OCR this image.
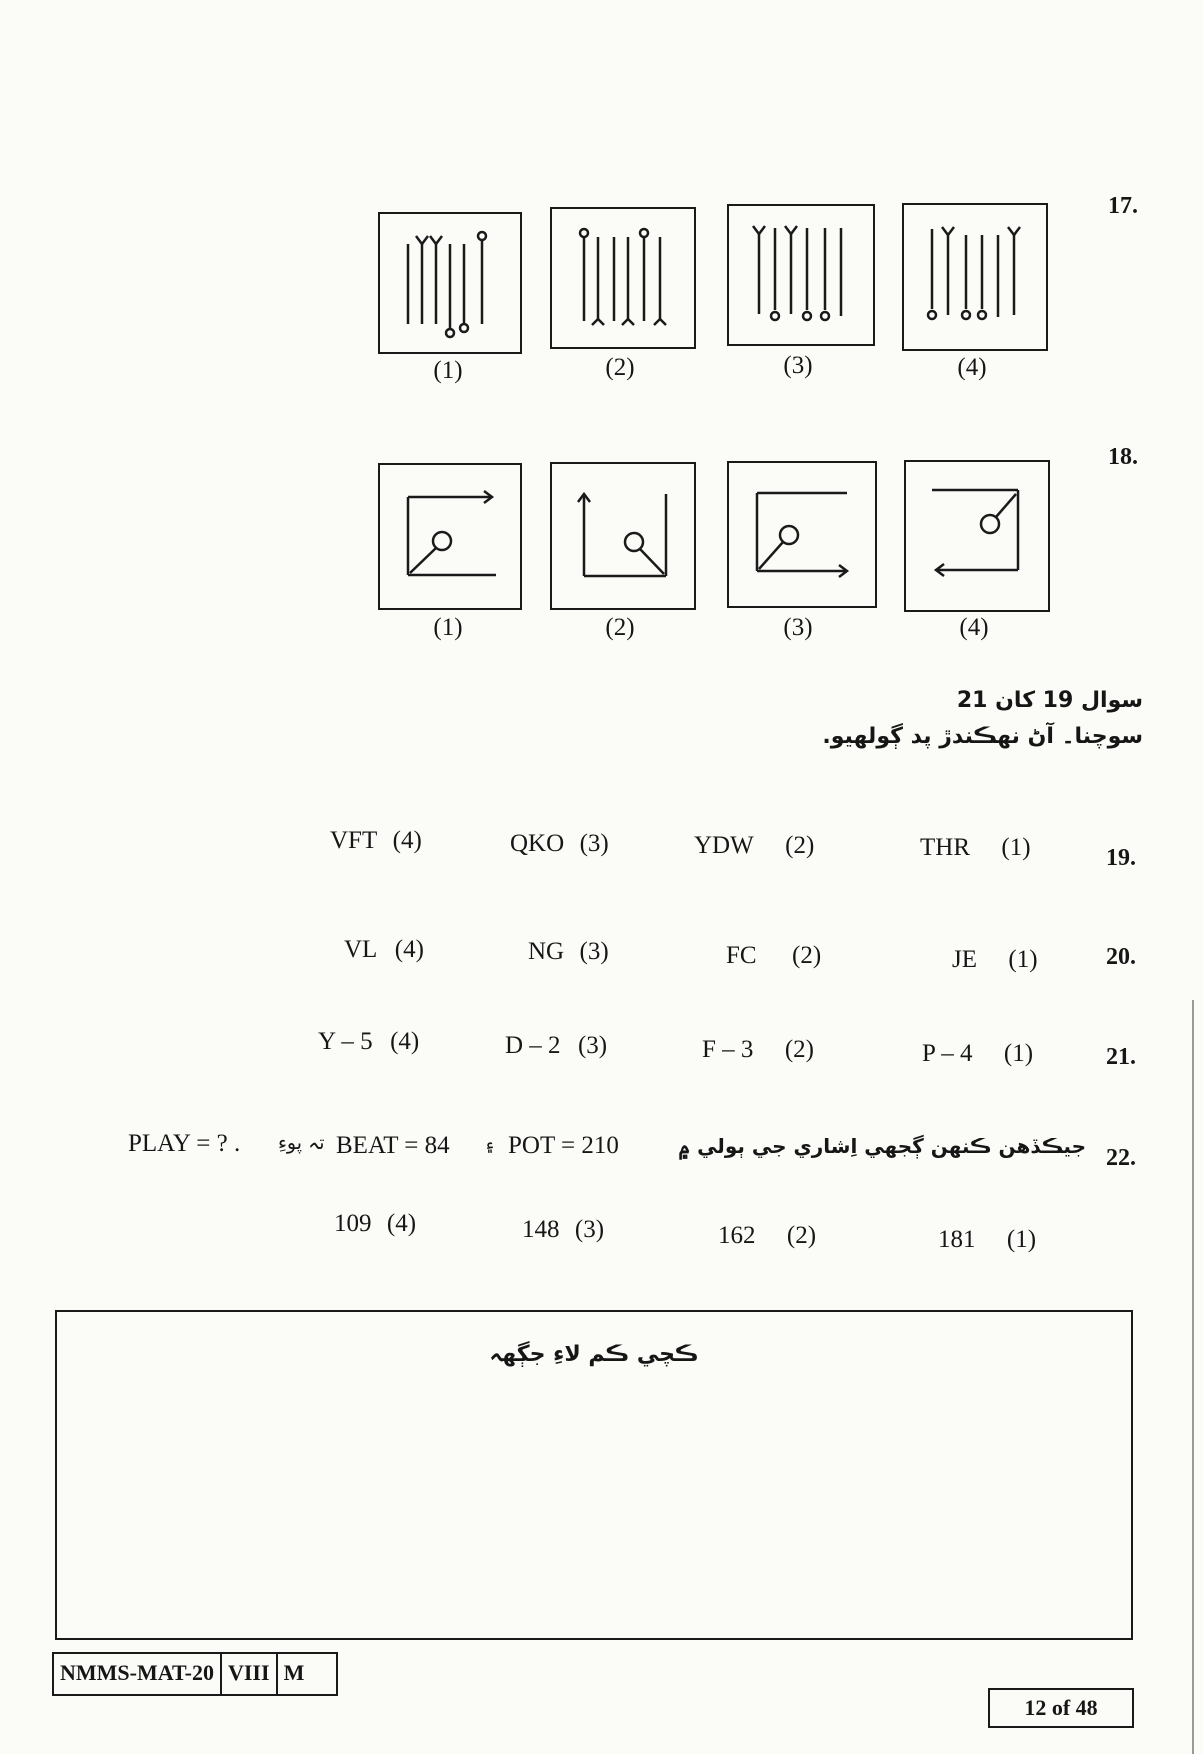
17.
(1)	(2)	(3)	(4)
18.
(1)	(2)	(3)	(4)
سوال 19 کان 21
سوچنا۔ آڻ نهڪندڙ پد ڳولهيو.
19.
THR (1)
YDW (2)
QKO (3)
VFT (4)
20.
JE (1)
FC (2)
NG (3)
VL (4)
21.
P – 4 (1)
F – 3 (2)
D – 2 (3)
Y – 5 (4)
22.
PLAY = ? . تہ پوءِ BEAT = 84 ۽ POT = 210	جيڪڏهن ڪنهن ڳجهي اِشاري جي ٻولي ۾
181 (1)
162 (2)
148 (3)
109 (4)
ڪچي ڪم لاءِ جڳهہ
NMMS-MAT-20 VIII M
12 of 48
